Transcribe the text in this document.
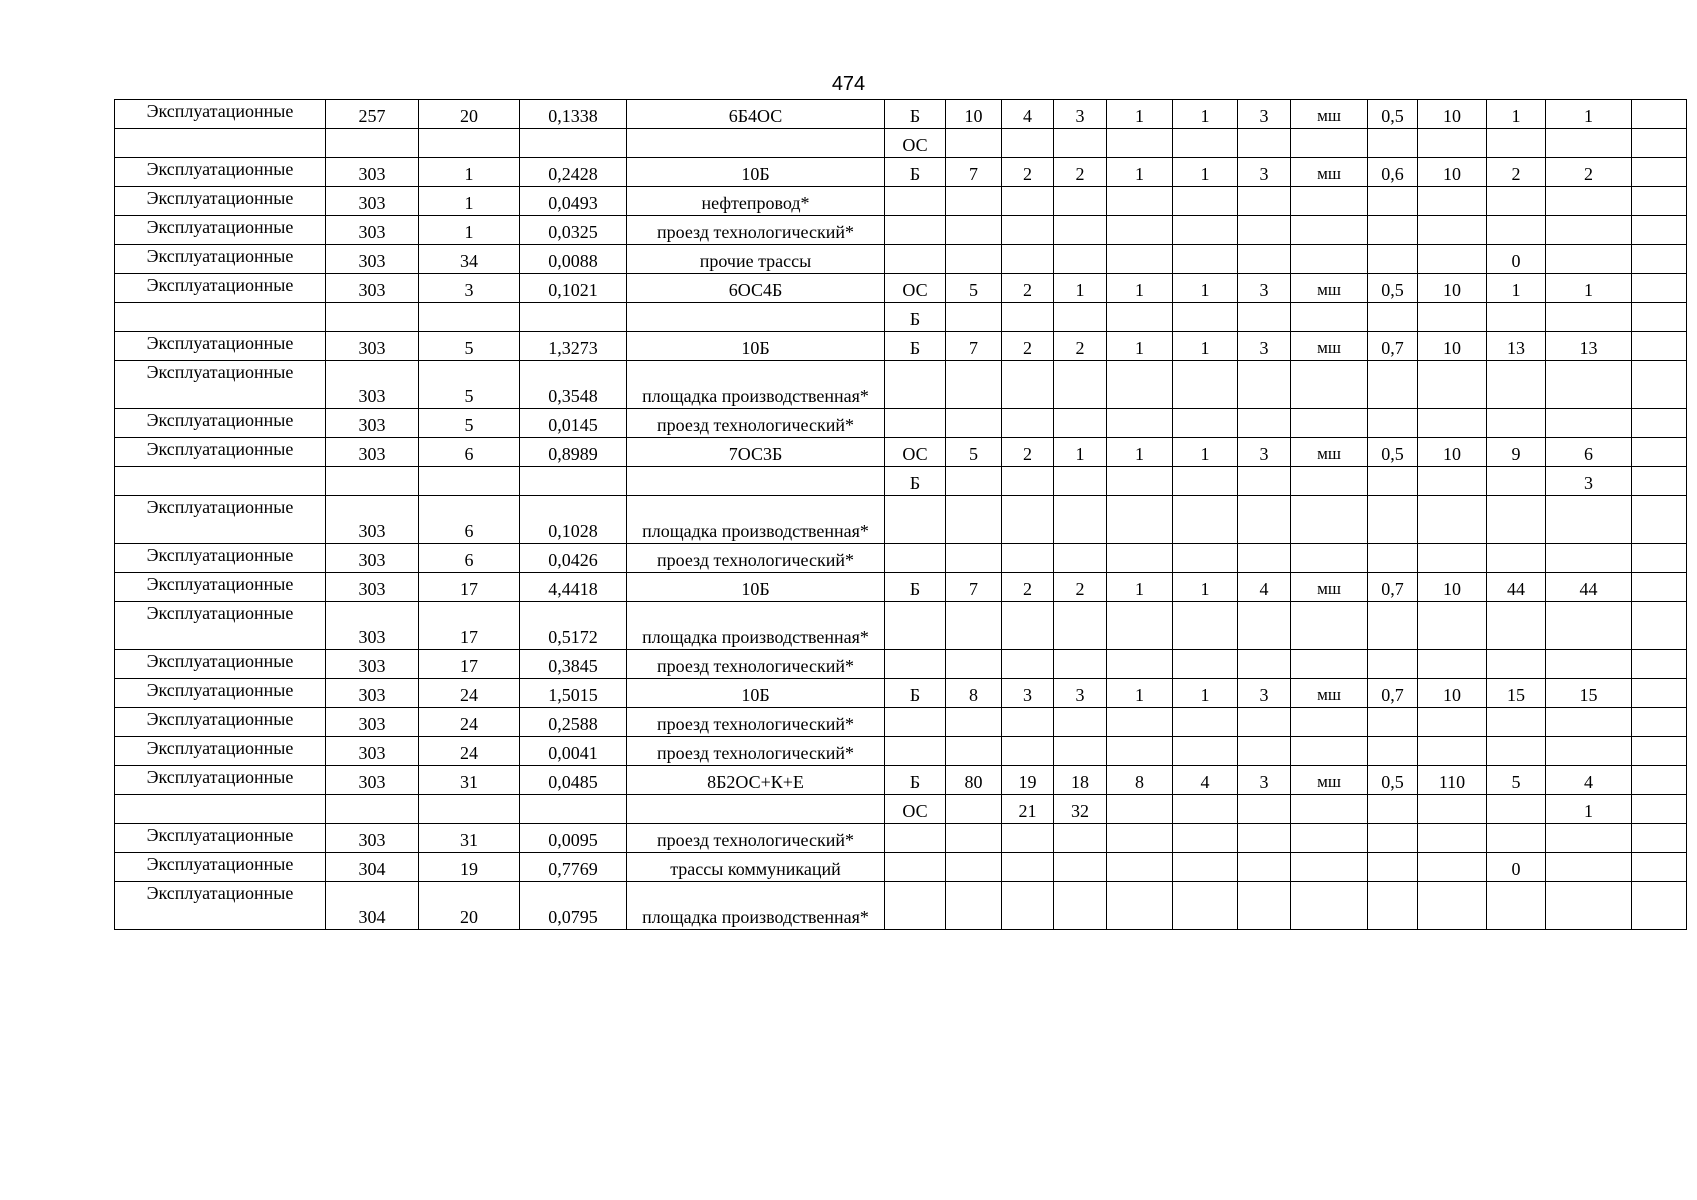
474
Эксплуатационные	257	20	0,1338	6Б4ОС	Б	10	4	3	1	1	3	мш	0,5	10	1	1	
					ОС												
Эксплуатационные	303	1	0,2428	10Б	Б	7	2	2	1	1	3	мш	0,6	10	2	2	
Эксплуатационные	303	1	0,0493	нефтепровод*													
Эксплуатационные	303	1	0,0325	проезд технологический*													
Эксплуатационные	303	34	0,0088	прочие трассы											0		
Эксплуатационные	303	3	0,1021	6ОС4Б	ОС	5	2	1	1	1	3	мш	0,5	10	1	1	
					Б												
Эксплуатационные	303	5	1,3273	10Б	Б	7	2	2	1	1	3	мш	0,7	10	13	13	
Эксплуатационные	303	5	0,3548	площадка производственная*													
Эксплуатационные	303	5	0,0145	проезд технологический*													
Эксплуатационные	303	6	0,8989	7ОС3Б	ОС	5	2	1	1	1	3	мш	0,5	10	9	6	
					Б											3	
Эксплуатационные	303	6	0,1028	площадка производственная*													
Эксплуатационные	303	6	0,0426	проезд технологический*													
Эксплуатационные	303	17	4,4418	10Б	Б	7	2	2	1	1	4	мш	0,7	10	44	44	
Эксплуатационные	303	17	0,5172	площадка производственная*													
Эксплуатационные	303	17	0,3845	проезд технологический*													
Эксплуатационные	303	24	1,5015	10Б	Б	8	3	3	1	1	3	мш	0,7	10	15	15	
Эксплуатационные	303	24	0,2588	проезд технологический*													
Эксплуатационные	303	24	0,0041	проезд технологический*													
Эксплуатационные	303	31	0,0485	8Б2ОС+К+Е	Б	80	19	18	8	4	3	мш	0,5	110	5	4	
					ОС		21	32								1	
Эксплуатационные	303	31	0,0095	проезд технологический*													
Эксплуатационные	304	19	0,7769	трассы коммуникаций											0		
Эксплуатационные	304	20	0,0795	площадка производственная*													
